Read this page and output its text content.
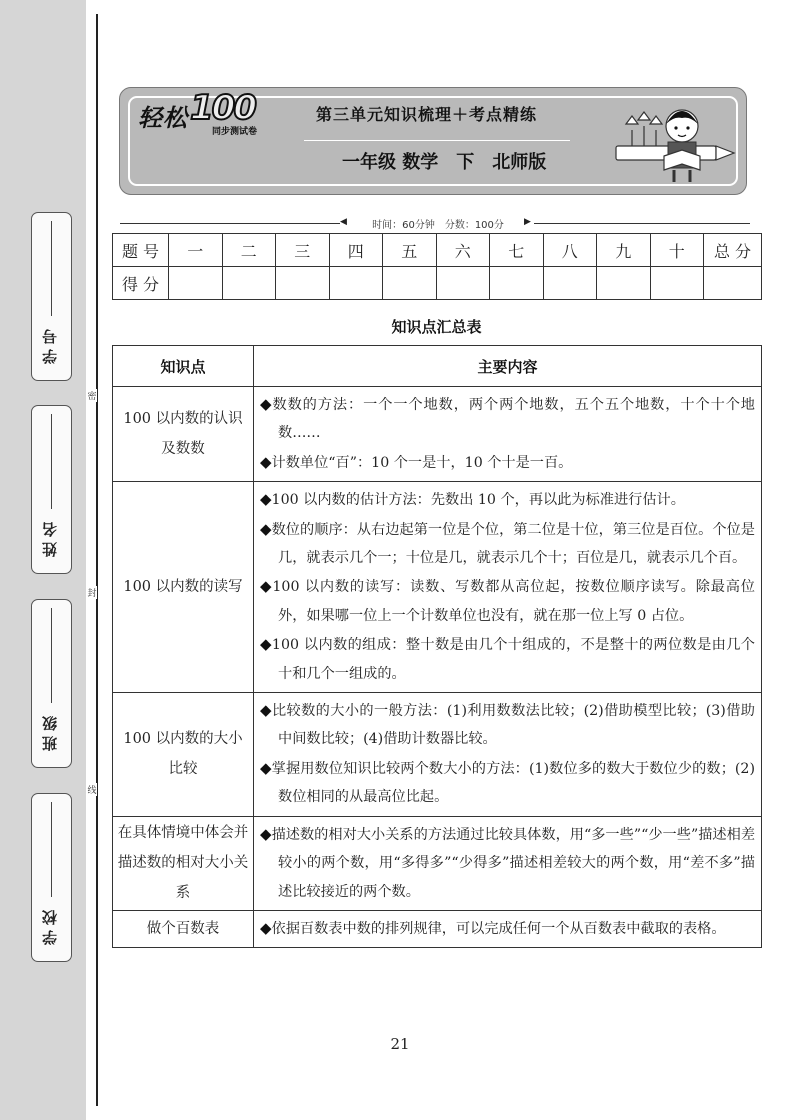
学 号
姓 名
班 级
学 校
密
封
线
轻松 100
同步测试卷
第三单元知识梳理＋考点精练
一年级 数学　下　北师版
◀	时间：60分钟　分数：100分	▶
题 号	一	二	三	四	五	六	七	八	九	十	总 分
得 分											
知识点汇总表
知识点	主要内容
100 以内数的认识及数数	◆数数的方法：一个一个地数，两个两个地数，五个五个地数，十个十个地数……

◆计数单位“百”：10 个一是十，10 个十是一百。

100 以内数的读写	◆100 以内数的估计方法：先数出 10 个，再以此为标准进行估计。

◆数位的顺序：从右边起第一位是个位，第二位是十位，第三位是百位。个位是几，就表示几个一；十位是几，就表示几个十；百位是几，就表示几个百。

◆100 以内数的读写：读数、写数都从高位起，按数位顺序读写。除最高位外，如果哪一位上一个计数单位也没有，就在那一位上写 0 占位。

◆100 以内数的组成：整十数是由几个十组成的，不是整十的两位数是由几个十和几个一组成的。

100 以内数的大小比较	◆比较数的大小的一般方法：(1)利用数数法比较；(2)借助模型比较；(3)借助中间数比较；(4)借助计数器比较。

◆掌握用数位知识比较两个数大小的方法：(1)数位多的数大于数位少的数；(2)数位相同的从最高位比起。

在具体情境中体会并描述数的相对大小关系	◆描述数的相对大小关系的方法通过比较具体数，用“多一些”“少一些”描述相差较小的两个数，用“多得多”“少得多”描述相差较大的两个数，用“差不多”描述比较接近的两个数。

做个百数表	◆依据百数表中数的排列规律，可以完成任何一个从百数表中截取的表格。

21
